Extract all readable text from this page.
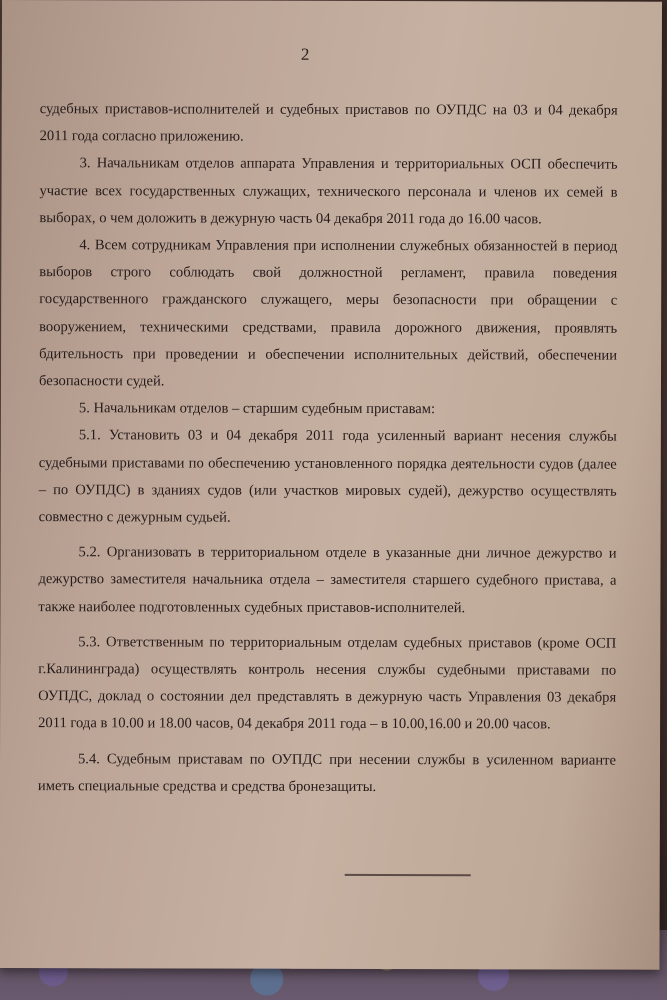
2

судебных приставов-исполнителей и судебных приставов по ОУПДС на 03 и 04 декабря 2011 года согласно приложению.

3. Начальникам отделов аппарата Управления и территориальных ОСП обеспечить участие всех государственных служащих, технического персонала и членов их семей в выборах, о чем доложить в дежурную часть 04 декабря 2011 года до 16.00 часов.

4. Всем сотрудникам Управления при исполнении служебных обязанностей в период выборов строго соблюдать свой должностной регламент, правила поведения государственного гражданского служащего, меры безопасности при обращении с вооружением, техническими средствами, правила дорожного движения, проявлять бдительность при проведении и обеспечении исполнительных действий, обеспечении безопасности судей.

5. Начальникам отделов – старшим судебным приставам:

5.1. Установить 03 и 04 декабря 2011 года усиленный вариант несения службы судебными приставами по обеспечению установленного порядка деятельности судов (далее – по ОУПДС) в зданиях судов (или участков мировых судей), дежурство осуществлять совместно с дежурным судьей.

5.2. Организовать в территориальном отделе в указанные дни личное дежурство и дежурство заместителя начальника отдела – заместителя старшего судебного пристава, а также наиболее подготовленных судебных приставов-исполнителей.

5.3. Ответственным по территориальным отделам судебных приставов (кроме ОСП г.Калининграда) осуществлять контроль несения службы судебными приставами по ОУПДС, доклад о состоянии дел представлять в дежурную часть Управления 03 декабря 2011 года в 10.00 и 18.00 часов, 04 декабря 2011 года – в 10.00,16.00 и 20.00 часов.

5.4. Судебным приставам по ОУПДС при несении службы в усиленном варианте иметь специальные средства и средства бронезащиты.
